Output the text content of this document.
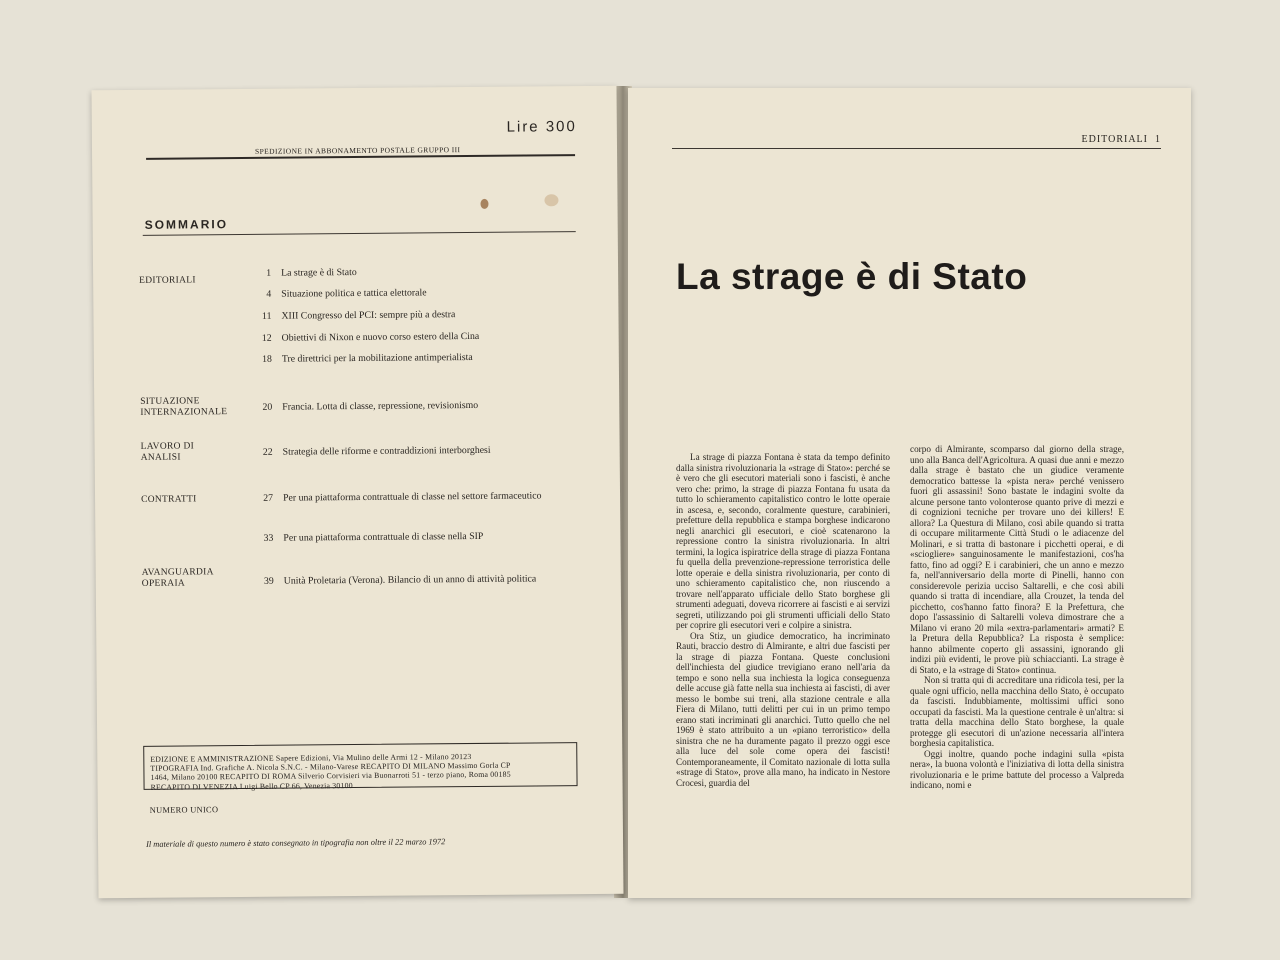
Lire 300
SPEDIZIONE IN ABBONAMENTO POSTALE GRUPPO III
SOMMARIO
EDITORIALI
1 La strage è di Stato
4 Situazione politica e tattica elettorale
11 XIII Congresso del PCI: sempre più a destra
12 Obiettivi di Nixon e nuovo corso estero della Cina
18 Tre direttrici per la mobilitazione antimperialista
SITUAZIONE INTERNAZIONALE	20 Francia. Lotta di classe, repressione, revisionismo
LAVORO DI ANALISI	22 Strategia delle riforme e contraddizioni interborghesi
CONTRATTI	27 Per una piattaforma contrattuale di classe nel settore farmaceutico
33 Per una piattaforma contrattuale di classe nella SIP
AVANGUARDIA OPERAIA	39 Unità Proletaria (Verona). Bilancio di un anno di attività politica
EDIZIONE E AMMINISTRAZIONE Sapere Edizioni, Via Mulino delle Armi 12 - Milano 20123
TIPOGRAFIA Ind. Grafiche A. Nicola S.N.C. - Milano-Varese RECAPITO DI MILANO Massimo Gorla CP
1464, Milano 20100 RECAPITO DI ROMA Silverio Corvisieri via Buonarroti 51 - terzo piano, Roma 00185
RECAPITO DI VENEZIA Luigi Bello CP 66, Venezia 30100
NUMERO UNICO
Il materiale di questo numero è stato consegnato in tipografia non oltre il 22 marzo 1972
EDITORIALI 1
La strage è di Stato

La strage di piazza Fontana è stata da tempo definito dalla sinistra rivoluzionaria la «strage di Stato»: perché se è vero che gli esecutori materiali sono i fascisti, è anche vero che: primo, la strage di piazza Fontana fu usata da tutto lo schieramento capitalistico contro le lotte operaie in ascesa, e, secondo, coralmente questure, carabinieri, prefetture della repubblica e stampa borghese indicarono negli anarchici gli esecutori, e cioè scatenarono la repressione contro la sinistra rivoluzionaria. In altri termini, la logica ispiratrice della strage di piazza Fontana fu quella della prevenzione-repressione terroristica delle lotte operaie e della sinistra rivoluzionaria, per conto di uno schieramento capitalistico che, non riuscendo a trovare nell'apparato ufficiale dello Stato borghese gli strumenti adeguati, doveva ricorrere ai fascisti e ai servizi segreti, utilizzando poi gli strumenti ufficiali dello Stato per coprire gli esecutori veri e colpire a sinistra.

Ora Stiz, un giudice democratico, ha incriminato Rauti, braccio destro di Almirante, e altri due fascisti per la strage di piazza Fontana. Queste conclusioni dell'inchiesta del giudice trevigiano erano nell'aria da tempo e sono nella sua inchiesta la logica conseguenza delle accuse già fatte nella sua inchiesta ai fascisti, di aver messo le bombe sui treni, alla stazione centrale e alla Fiera di Milano, tutti delitti per cui in un primo tempo erano stati incriminati gli anarchici. Tutto quello che nel 1969 è stato attribuito a un «piano terroristico» della sinistra che ne ha duramente pagato il prezzo oggi esce alla luce del sole come opera dei fascisti! Contemporaneamente, il Comitato nazionale di lotta sulla «strage di Stato», prove alla mano, ha indicato in Nestore Crocesi, guardia del

corpo di Almirante, scomparso dal giorno della strage, uno alla Banca dell'Agricoltura. A quasi due anni e mezzo dalla strage è bastato che un giudice veramente democratico battesse la «pista nera» perché venissero fuori gli assassini! Sono bastate le indagini svolte da alcune persone tanto volonterose quanto prive di mezzi e di cognizioni tecniche per trovare uno dei killers! E allora? La Questura di Milano, così abile quando si tratta di occupare militarmente Città Studi o le adiacenze del Molinari, e si tratta di bastonare i picchetti operai, e di «sciogliere» sanguinosamente le manifestazioni, cos'ha fatto, fino ad oggi? E i carabinieri, che un anno e mezzo fa, nell'anniversario della morte di Pinelli, hanno con considerevole perizia ucciso Saltarelli, e che così abili quando si tratta di incendiare, alla Crouzet, la tenda del picchetto, cos'hanno fatto finora? E la Prefettura, che dopo l'assassinio di Saltarelli voleva dimostrare che a Milano vi erano 20 mila «extra-parlamentari» armati? E la Pretura della Repubblica? La risposta è semplice: hanno abilmente coperto gli assassini, ignorando gli indizi più evidenti, le prove più schiaccianti. La strage è di Stato, e la «strage di Stato» continua.

Non si tratta qui di accreditare una ridicola tesi, per la quale ogni ufficio, nella macchina dello Stato, è occupato da fascisti. Indubbiamente, moltissimi uffici sono occupati da fascisti. Ma la questione centrale è un'altra: si tratta della macchina dello Stato borghese, la quale protegge gli esecutori di un'azione necessaria all'intera borghesia capitalistica.

Oggi inoltre, quando poche indagini sulla «pista nera», la buona volontà e l'iniziativa di lotta della sinistra rivoluzionaria e le prime battute del processo a Valpreda indicano, nomi e
